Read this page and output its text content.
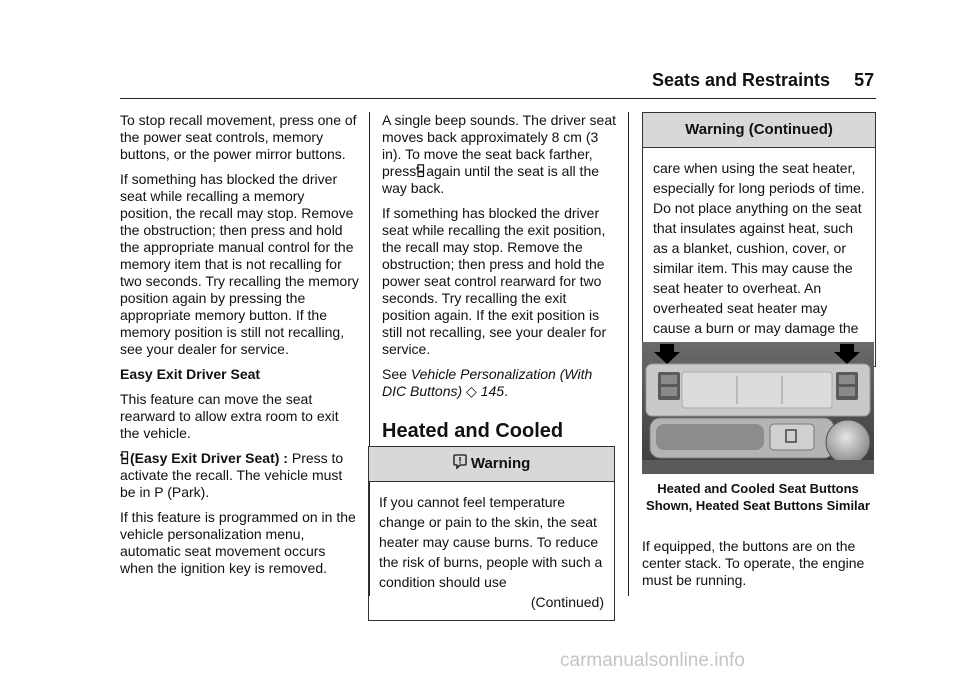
Seats and Restraints 57

To stop recall movement, press one of the power seat controls, memory buttons, or the power mirror buttons.

If something has blocked the driver seat while recalling a memory position, the recall may stop. Remove the obstruction; then press and hold the appropriate manual control for the memory item that is not recalling for two seconds. Try recalling the memory position again by pressing the appropriate memory button. If the memory position is still not recalling, see your dealer for service.

Easy Exit Driver Seat

This feature can move the seat rearward to allow extra room to exit the vehicle.

(Easy Exit Driver Seat) : Press to activate the recall. The vehicle must be in P (Park).

If this feature is programmed on in the vehicle personalization menu, automatic seat movement occurs when the ignition key is removed.

A single beep sounds. The driver seat moves back approximately 8 cm (3 in). To move the seat back farther, press again until the seat is all the way back.

If something has blocked the driver seat while recalling the exit position, the recall may stop. Remove the obstruction; then press and hold the power seat control rearward for two seconds. Try recalling the exit position again. If the exit position is still not recalling, see your dealer for service.

See Vehicle Personalization (With DIC Buttons) ◇ 145.

Heated and Cooled
Warning
If you cannot feel temperature change or pain to the skin, the seat heater may cause burns. To reduce the risk of burns, people with such a condition should use
(Continued)
Warning (Continued)
care when using the seat heater, especially for long periods of time. Do not place anything on the seat that insulates against heat, such as a blanket, cushion, cover, or similar item. This may cause the seat heater to overheat. An overheated seat heater may cause a burn or may damage the
Heated and Cooled Seat Buttons Shown, Heated Seat Buttons Similar
If equipped, the buttons are on the center stack. To operate, the engine must be running.
carmanualsonline.info
